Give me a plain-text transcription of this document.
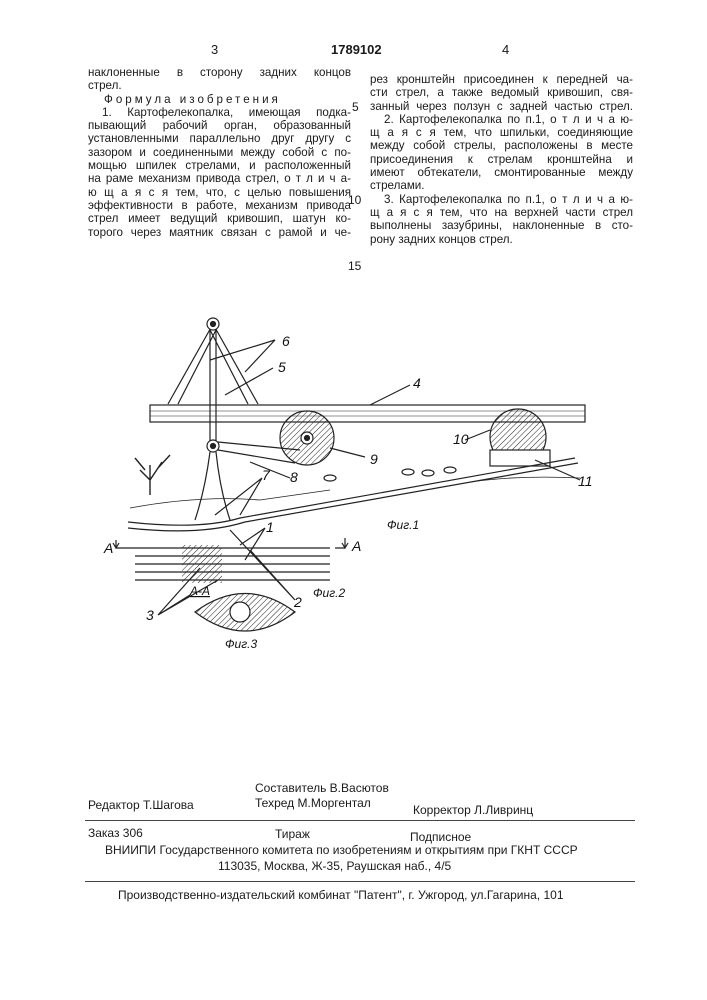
3	1789102	4
наклоненные в сторону задних концов
стрел.
Формула изобретения
1. Картофелекопалка, имеющая подка-
пывающий рабочий орган, образованный
установленными параллельно друг другу с
зазором и соединенными между собой с по-
мощью шпилек стрелами, и расположенный
на раме механизм привода стрел, о т л и ч а-
ю щ а я с я тем, что, с целью повышения
эффективности в работе, механизм привода
стрел имеет ведущий кривошип, шатун ко-
торого через маятник связан с рамой и че-
5
10
15
рез кронштейн присоединен к передней ча-
сти стрел, а также ведомый кривошип, свя-
занный через ползун с задней частью стрел.
2. Картофелекопалка по п.1, о т л и ч а ю-
щ а я с я тем, что шпильки, соединяющие
между собой стрелы, расположены в месте
присоединения к стрелам кронштейна и
имеют обтекатели, смонтированные между
стрелами.
3. Картофелекопалка по п.1, о т л и ч а ю-
щ а я с я тем, что на верхней части стрел
выполнены зазубрины, наклоненные в сто-
рону задних концов стрел.
6
5
4
9
10
11
8
7
1
2
3
А	А
А-А
Фиг.1
Фиг.2
Фиг.3
Составитель В.Васютов
Редактор Т.Шагова	Техред М.Моргентал	Корректор Л.Ливринц
Заказ 306	Тираж	Подписное
ВНИИПИ Государственного комитета по изобретениям и открытиям при ГКНТ СССР
113035, Москва, Ж-35, Раушская наб., 4/5
Производственно-издательский комбинат "Патент", г. Ужгород, ул.Гагарина, 101
